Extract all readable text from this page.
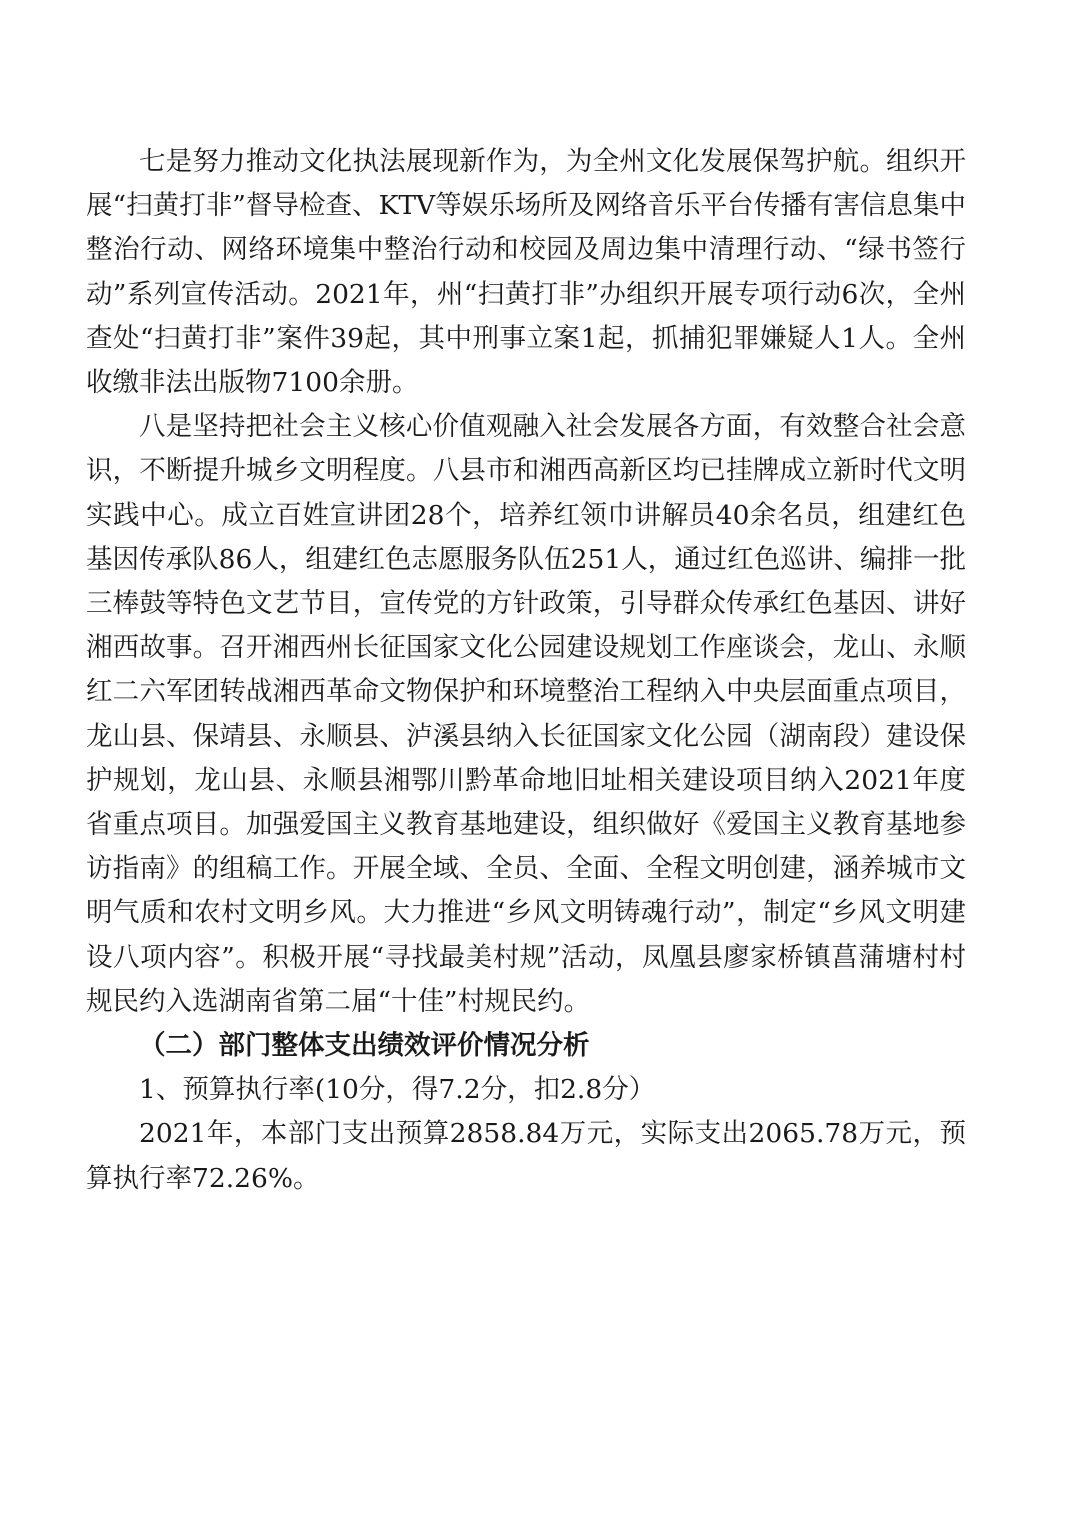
七是努力推动文化执法展现新作为，为全州文化发展保驾护航。组织开展“扫黄打非”督导检查、KTV等娱乐场所及网络音乐平台传播有害信息集中整治行动、网络环境集中整治行动和校园及周边集中清理行动、“绿书签行动”系列宣传活动。2021年，州“扫黄打非”办组织开展专项行动6次，全州查处“扫黄打非”案件39起，其中刑事立案1起，抓捕犯罪嫌疑人1人。全州收缴非法出版物7100余册。

八是坚持把社会主义核心价值观融入社会发展各方面，有效整合社会意识，不断提升城乡文明程度。八县市和湘西高新区均已挂牌成立新时代文明实践中心。成立百姓宣讲团28个，培养红领巾讲解员40余名员，组建红色基因传承队86人，组建红色志愿服务队伍251人，通过红色巡讲、编排一批三棒鼓等特色文艺节目，宣传党的方针政策，引导群众传承红色基因、讲好湘西故事。召开湘西州长征国家文化公园建设规划工作座谈会，龙山、永顺红二六军团转战湘西革命文物保护和环境整治工程纳入中央层面重点项目，龙山县、保靖县、永顺县、泸溪县纳入长征国家文化公园（湖南段）建设保护规划，龙山县、永顺县湘鄂川黔革命地旧址相关建设项目纳入2021年度省重点项目。加强爱国主义教育基地建设，组织做好《爱国主义教育基地参访指南》的组稿工作。开展全域、全员、全面、全程文明创建，涵养城市文明气质和农村文明乡风。大力推进“乡风文明铸魂行动”，制定“乡风文明建设八项内容”。积极开展“寻找最美村规”活动，凤凰县廖家桥镇菖蒲塘村村规民约入选湖南省第二届“十佳”村规民约。

（二）部门整体支出绩效评价情况分析

1、预算执行率(10分，得7.2分，扣2.8分）

2021年，本部门支出预算2858.84万元，实际支出2065.78万元，预算执行率72.26%。
